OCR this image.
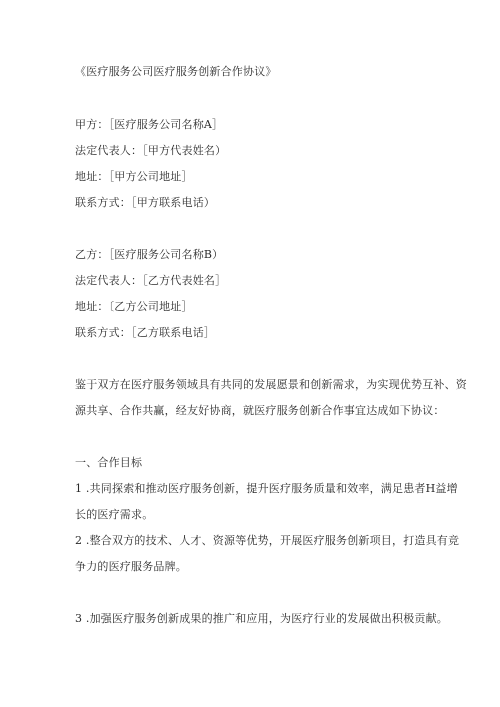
《医疗服务公司医疗服务创新合作协议》
甲方：［医疗服务公司名称A］
法定代表人：［甲方代表姓名）
地址：［甲方公司地址］
联系方式：［甲方联系电话）
乙方：［医疗服务公司名称B）
法定代表人：［乙方代表姓名］
地址：〔乙方公司地址］
联系方式：［乙方联系电话］
鉴于双方在医疗服务领域具有共同的发展愿景和创新需求，为实现优势互补、资
源共享、合作共赢，经友好协商，就医疗服务创新合作事宜达成如下协议：
一、合作目标
1 .共同探索和推动医疗服务创新，提升医疗服务质量和效率，满足患者H益增
长的医疗需求。
2 .整合双方的技术、人才、资源等优势，开展医疗服务创新项目，打造具有竞
争力的医疗服务品牌。
3 .加强医疗服务创新成果的推广和应用，为医疗行业的发展做出积极贡献。
